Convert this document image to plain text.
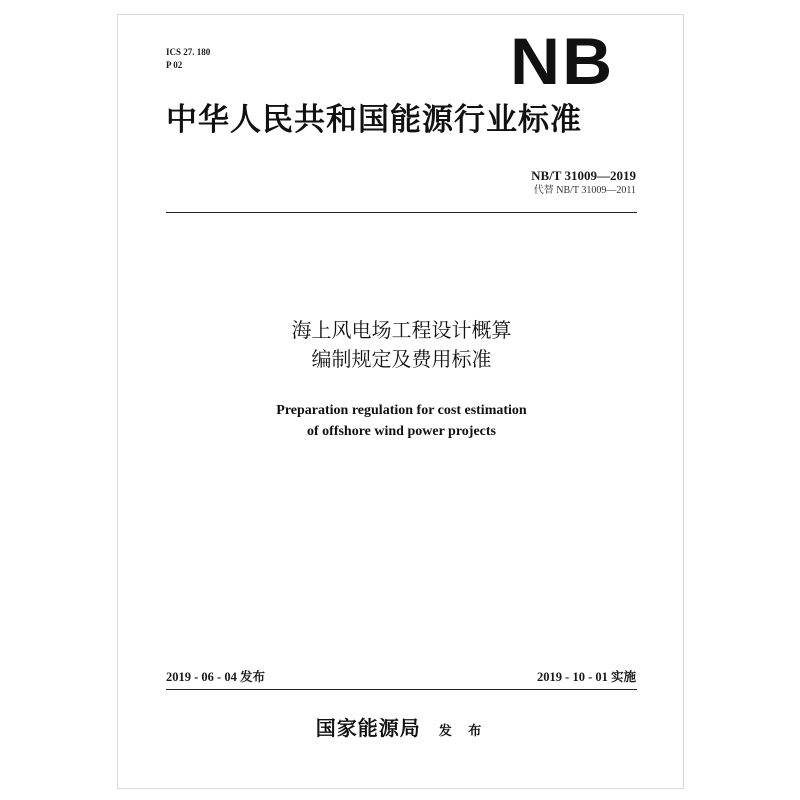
ICS 27. 180
P 02	NB
中华人民共和国能源行业标准
NB/T 31009—2019
代替 NB/T 31009—2011
海上风电场工程设计概算
编制规定及费用标准
Preparation regulation for cost estimation
of offshore wind power projects
2019 - 06 - 04 发布	2019 - 10 - 01 实施
国家能源局 发 布
